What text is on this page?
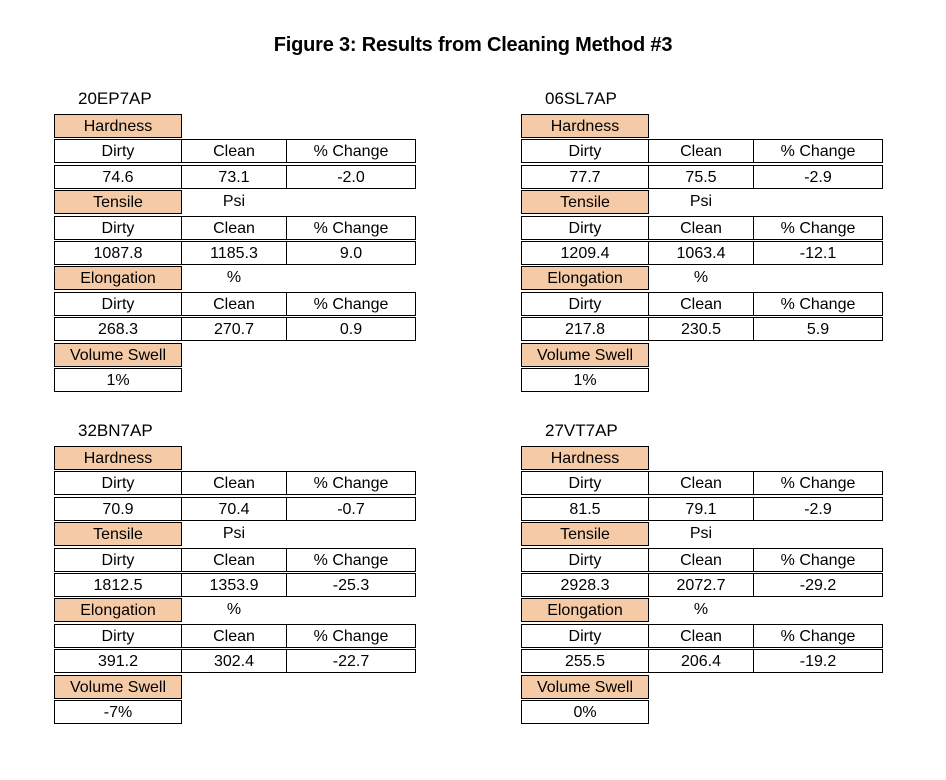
Figure 3: Results from Cleaning Method #3
20EP7AP
Hardness
Dirty	Clean	% Change
74.6	73.1	-2.0
Tensile	Psi
Dirty	Clean	% Change
1087.8	1185.3	9.0
Elongation	%
Dirty	Clean	% Change
268.3	270.7	0.9
Volume Swell
1%
06SL7AP
Hardness
Dirty	Clean	% Change
77.7	75.5	-2.9
Tensile	Psi
Dirty	Clean	% Change
1209.4	1063.4	-12.1
Elongation	%
Dirty	Clean	% Change
217.8	230.5	5.9
Volume Swell
1%
32BN7AP
Hardness
Dirty	Clean	% Change
70.9	70.4	-0.7
Tensile	Psi
Dirty	Clean	% Change
1812.5	1353.9	-25.3
Elongation	%
Dirty	Clean	% Change
391.2	302.4	-22.7
Volume Swell
-7%
27VT7AP
Hardness
Dirty	Clean	% Change
81.5	79.1	-2.9
Tensile	Psi
Dirty	Clean	% Change
2928.3	2072.7	-29.2
Elongation	%
Dirty	Clean	% Change
255.5	206.4	-19.2
Volume Swell
0%
